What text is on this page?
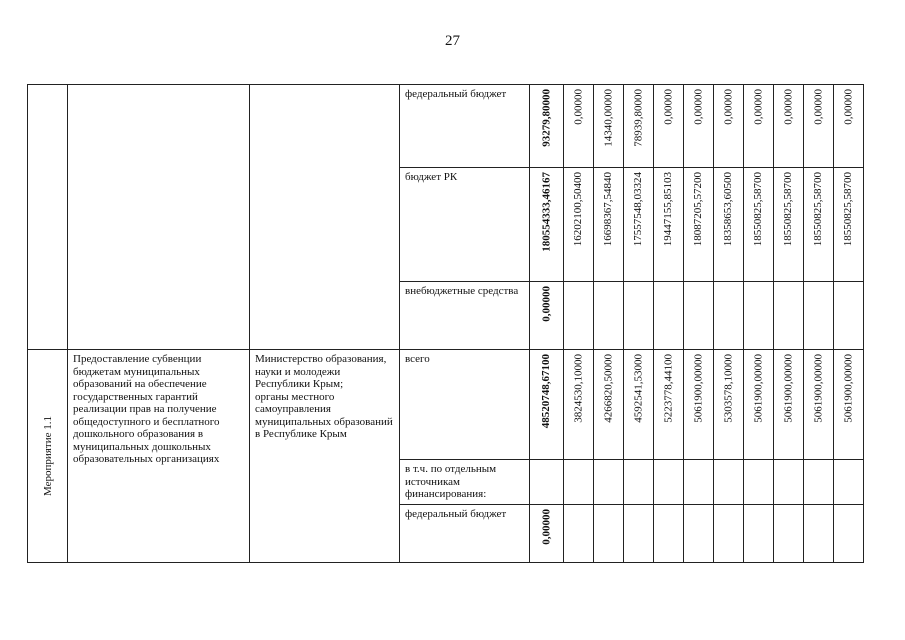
27

			федеральный бюджет	93279,80000	0,00000	14340,00000	78939,80000	0,00000	0,00000	0,00000	0,00000	0,00000	0,00000	0,00000

			бюджет РК	180554333,46167	16202100,50400	16698367,54840	17557548,03324	19447155,85103	18087205,57200	18358653,60500	18550825,58700	18550825,58700	18550825,58700	18550825,58700

			внебюджетные средства	0,00000										

Мероприятие 1.1	Предоставление субвенции бюджетам муниципальных образований на обеспечение государственных гарантий реализации прав на получение общедоступного и бесплатного дошкольного образования в муниципальных дошкольных образовательных организациях	Министерство образования, науки и молодежи Республики Крым;
органы местного самоуправления муниципальных образований в Республике Крым	всего	48520748,67100	3824530,10000	4266820,50000	4592541,53000	5223778,44100	5061900,00000	5303578,10000	5061900,00000	5061900,00000	5061900,00000	5061900,00000

			в т.ч. по отдельным источникам финансирования:											

			федеральный бюджет	0,00000										
